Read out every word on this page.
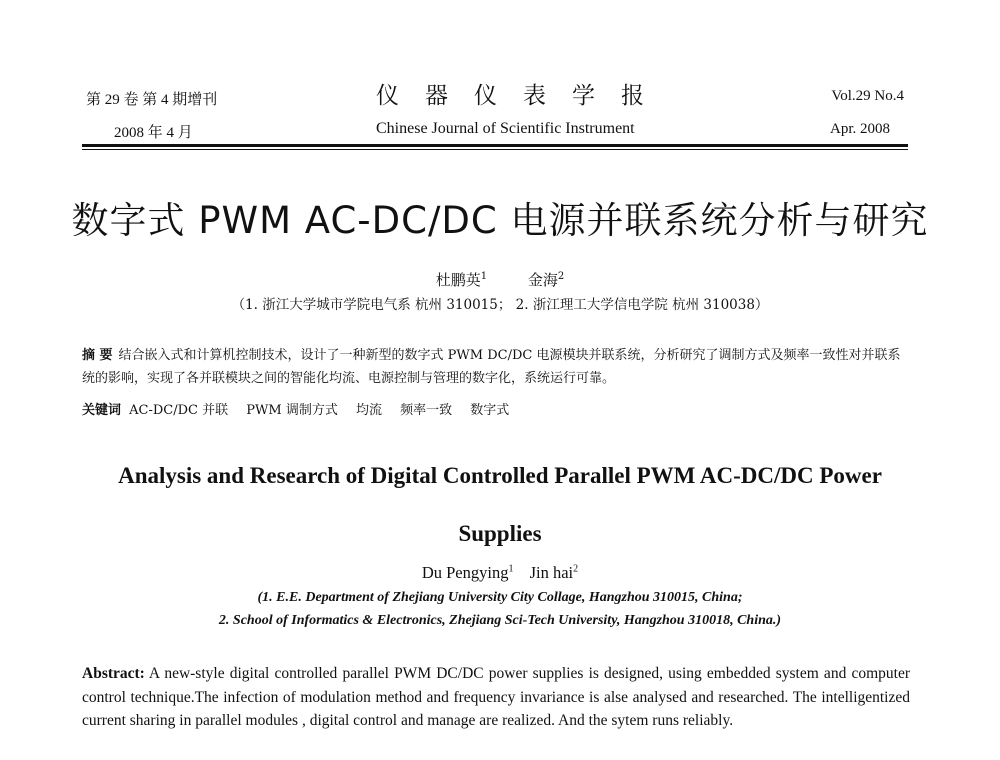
第 29 卷 第 4 期增刊
2008 年 4 月
仪器仪表学报
Chinese Journal of Scientific Instrument
Vol.29 No.4
Apr. 2008
数字式 PWM AC-DC/DC 电源并联系统分析与研究
杜鹏英$^1$	金海$^2$
（1. 浙江大学城市学院电气系 杭州 310015； 2. 浙江理工大学信电学院 杭州 310038）
摘 要 结合嵌入式和计算机控制技术，设计了一种新型的数字式 PWM DC/DC 电源模块并联系统，分析研究了调制方式及频率一致性对并联系统的影响，实现了各并联模块之间的智能化均流、电源控制与管理的数字化，系统运行可靠。
关键词 AC-DC/DC 并联 PWM 调制方式 均流 频率一致 数字式
Analysis and Research of Digital Controlled Parallel PWM AC-DC/DC Power
Supplies
Du Pengying$^1$ Jin hai$^2$
(1. E.E. Department of Zhejiang University City Collage, Hangzhou 310015, China;
2. School of Informatics & Electronics, Zhejiang Sci-Tech University, Hangzhou 310018, China.)
Abstract: A new-style digital controlled parallel PWM DC/DC power supplies is designed, using embedded system and computer control technique.The infection of modulation method and frequency invariance is alse analysed and researched. The intelligentized current sharing in parallel modules , digital control and manage are realized. And the sytem runs reliably.
